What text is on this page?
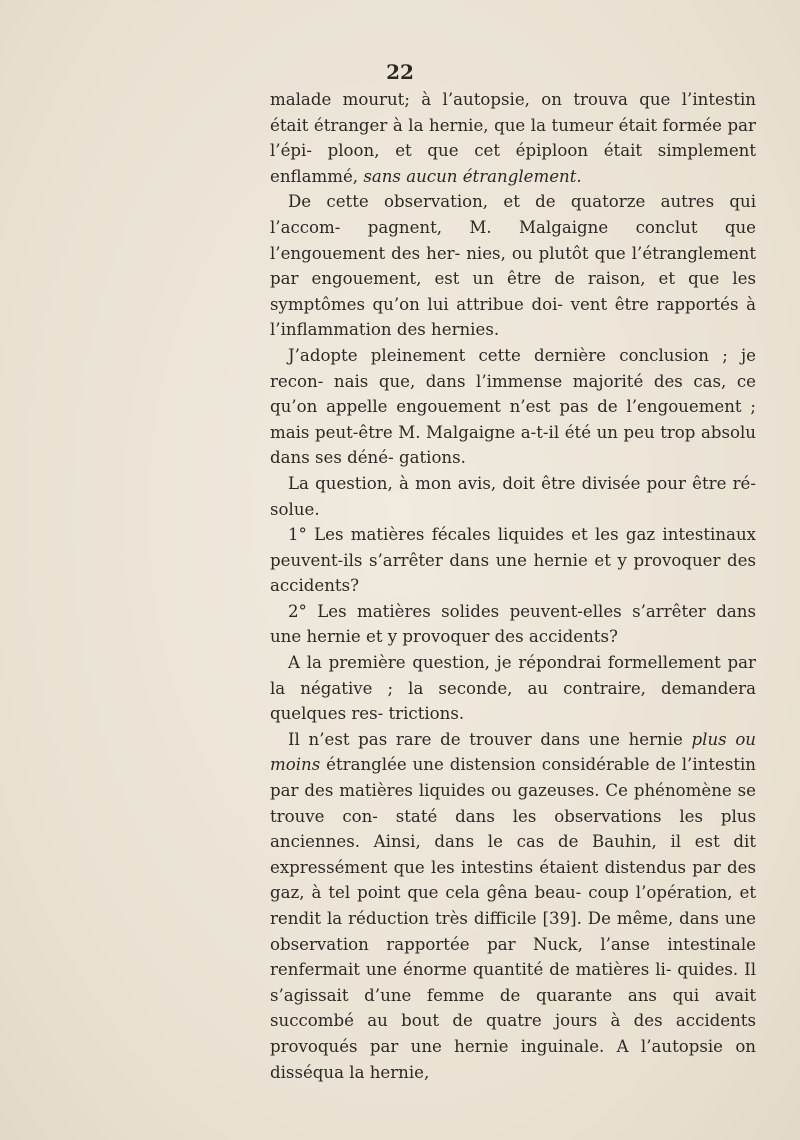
22

malade mourut; à l’autopsie, on trouva que l’intestin était étranger à la hernie, que la tumeur était formée par l’épi- ploon, et que cet épiploon était simplement enflammé, sans aucun étranglement.

De cette observation, et de quatorze autres qui l’accom- pagnent, M. Malgaigne conclut que l’engouement des her- nies, ou plutôt que l’étranglement par engouement, est un être de raison, et que les symptômes qu’on lui attribue doi- vent être rapportés à l’inflammation des hernies.

J’adopte pleinement cette dernière conclusion ; je recon- nais que, dans l’immense majorité des cas, ce qu’on appelle engouement n’est pas de l’engouement ; mais peut-être M. Malgaigne a-t-il été un peu trop absolu dans ses déné- gations.

La question, à mon avis, doit être divisée pour être ré- solue.

1° Les matières fécales liquides et les gaz intestinaux peuvent-ils s’arrêter dans une hernie et y provoquer des accidents?

2° Les matières solides peuvent-elles s’arrêter dans une hernie et y provoquer des accidents?

A la première question, je répondrai formellement par la négative ; la seconde, au contraire, demandera quelques res- trictions.

Il n’est pas rare de trouver dans une hernie plus ou moins étranglée une distension considérable de l’intestin par des matières liquides ou gazeuses. Ce phénomène se trouve con- staté dans les observations les plus anciennes. Ainsi, dans le cas de Bauhin, il est dit expressément que les intestins étaient distendus par des gaz, à tel point que cela gêna beau- coup l’opération, et rendit la réduction très difficile [39]. De même, dans une observation rapportée par Nuck, l’anse intestinale renfermait une énorme quantité de matières li- quides. Il s’agissait d’une femme de quarante ans qui avait succombé au bout de quatre jours à des accidents provoqués par une hernie inguinale. A l’autopsie on disséqua la hernie,
